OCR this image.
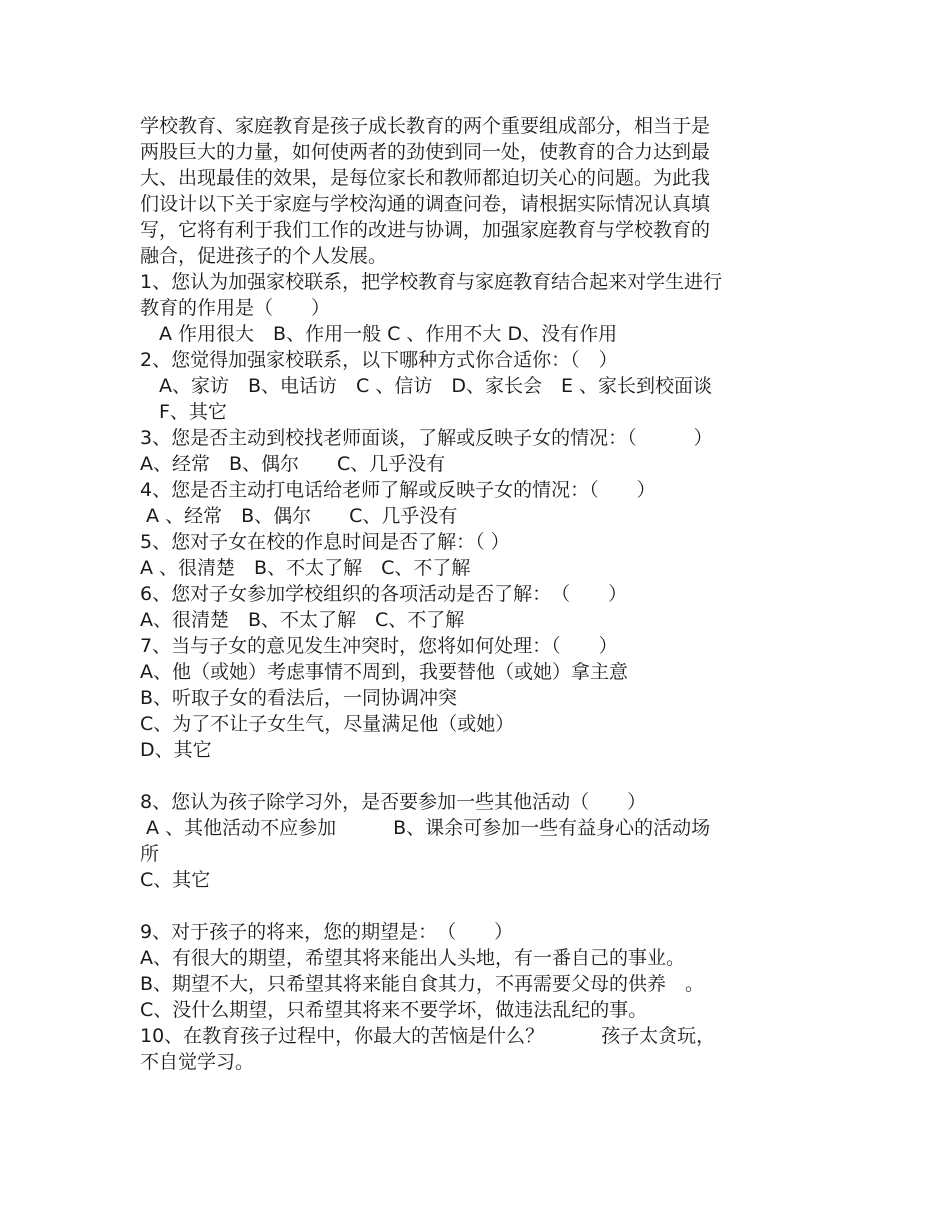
学校教育、家庭教育是孩子成长教育的两个重要组成部分，相当于是
两股巨大的力量，如何使两者的劲使到同一处，使教育的合力达到最
大、出现最佳的效果，是每位家长和教师都迫切关心的问题。为此我
们设计以下关于家庭与学校沟通的调查问卷，请根据实际情况认真填
写，它将有利于我们工作的改进与协调，加强家庭教育与学校教育的
融合，促进孩子的个人发展。
1、您认为加强家校联系，把学校教育与家庭教育结合起来对学生进行
教育的作用是（　　）
　A 作用很大　B、作用一般 C 、作用不大 D、没有作用
2、您觉得加强家校联系，以下哪种方式你合适你：（　）
　A、家访　B、电话访　C 、信访　D、家长会　E 、家长到校面谈
　F、其它
3、您是否主动到校找老师面谈，了解或反映子女的情况：（　　　）
A、经常　B、偶尔　　C、几乎没有
4、您是否主动打电话给老师了解或反映子女的情况：（　　）
A 、经常　B、偶尔　　C、几乎没有
5、您对子女在校的作息时间是否了解：（ ）
A 、很清楚　B、不太了解　C、不了解
6、您对子女参加学校组织的各项活动是否了解：　（　　）
A、很清楚　B、不太了解　C、不了解
7、当与子女的意见发生冲突时，您将如何处理：（　　）
A、他（或她）考虑事情不周到，我要替他（或她）拿主意
B、听取子女的看法后，一同协调冲突
C、为了不让子女生气，尽量满足他（或她）
D、其它
8、您认为孩子除学习外，是否要参加一些其他活动（　　）
A 、其他活动不应参加　　　B、课余可参加一些有益身心的活动场
所
C、其它
9、对于孩子的将来，您的期望是：　（　　）
A、有很大的期望，希望其将来能出人头地，有一番自己的事业。
B、期望不大，只希望其将来能自食其力，不再需要父母的供养　。
C、没什么期望，只希望其将来不要学坏，做违法乱纪的事。
10、在教育孩子过程中，你最大的苦恼是什么？　　　孩子太贪玩，
不自觉学习。
